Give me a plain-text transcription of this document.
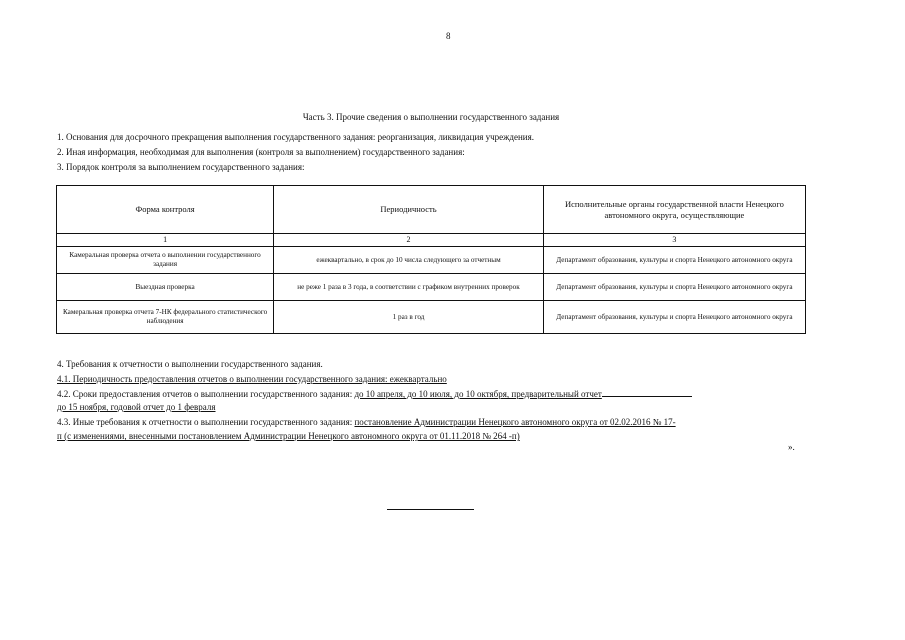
8
Часть 3. Прочие сведения о выполнении государственного задания
1. Основания для досрочного прекращения выполнения государственного задания: реорганизация, ликвидация учреждения.
2. Иная информация, необходимая для выполнения (контроля за выполнением) государственного задания:
3. Порядок контроля за выполнением государственного задания:
Форма контроля	Периодичность	Исполнительные органы государственной власти Ненецкого автономного округа, осуществляющие
1	2	3
Камеральная проверка отчета о выполнении государственного задания	ежеквартально, в срок до 10 числа следующего за отчетным	Департамент образования, культуры и спорта Ненецкого автономного округа
Выездная проверка	не реже 1 раза в 3 года, в соответствии с графиком внутренних проверок	Департамент образования, культуры и спорта Ненецкого автономного округа
Камеральная проверка отчета 7-НК федерального статистического наблюдения	1 раз в год	Департамент образования, культуры и спорта Ненецкого автономного округа
4. Требования к отчетности о выполнении государственного задания.
4.1. Периодичность предоставления отчетов о выполнении государственного задания: ежеквартально
4.2. Сроки предоставления отчетов о выполнении государственного задания: до 10 апреля, до 10 июля, до 10 октября, предварительный отчет
до 15 ноября, годовой отчет до 1 февраля
4.3. Иные требования к отчетности о выполнении государственного задания: постановление Администрации Ненецкого автономного округа от 02.02.2016 № 17-
п (с изменениями, внесенными постановлением Администрации Ненецкого автономного округа от 01.11.2018 № 264 -п)
».
